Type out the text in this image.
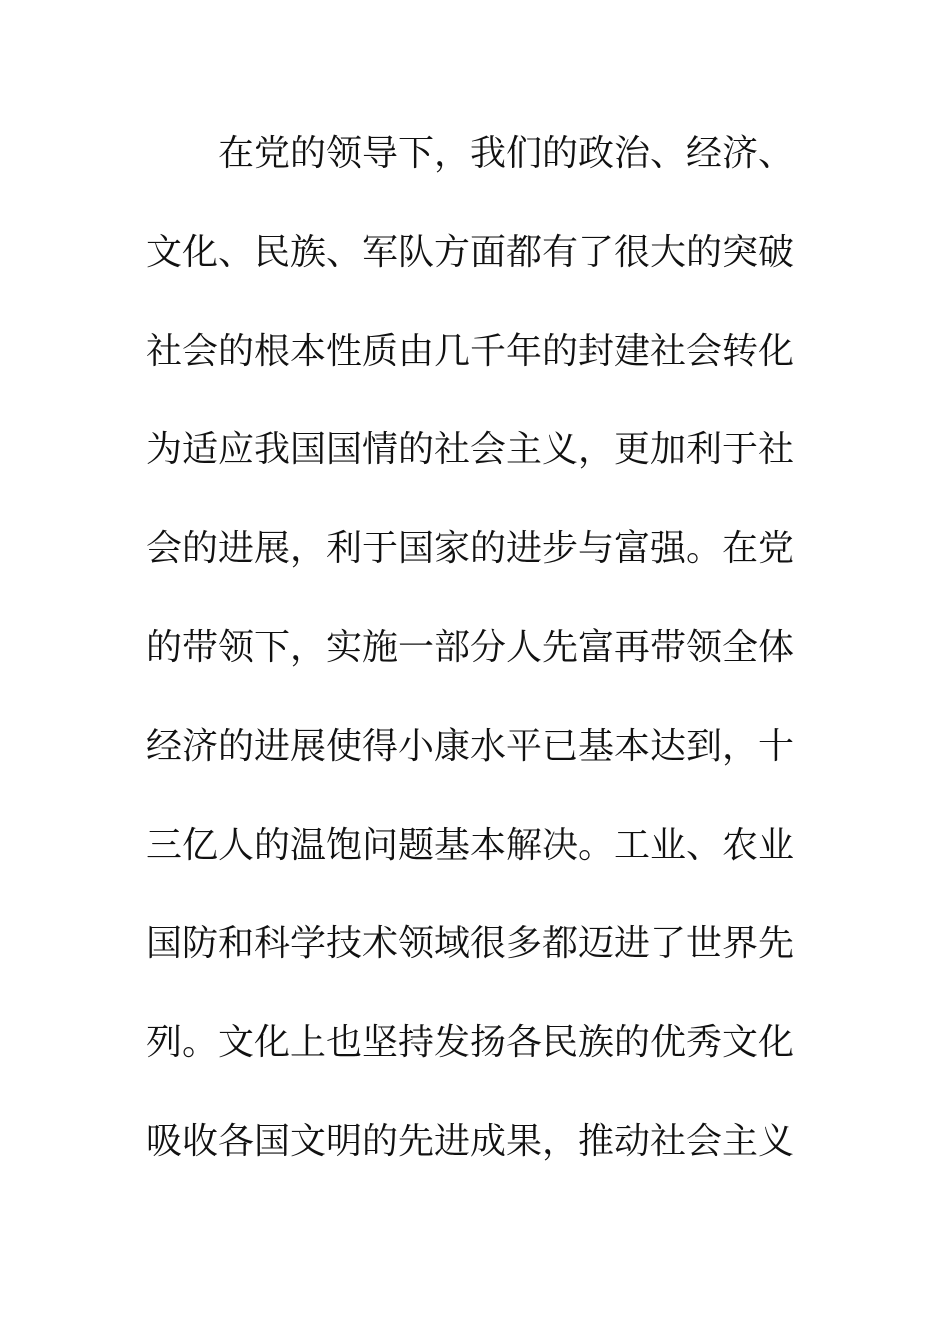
在党的领导下，我们的政治、经济、
文化、民族、军队方面都有了很大的突破
社会的根本性质由几千年的封建社会转化
为适应我国国情的社会主义，更加利于社
会的进展，利于国家的进步与富强。在党
的带领下，实施一部分人先富再带领全体
经济的进展使得小康水平已基本达到，十
三亿人的温饱问题基本解决。工业、农业
国防和科学技术领域很多都迈进了世界先
列。文化上也坚持发扬各民族的优秀文化
吸收各国文明的先进成果，推动社会主义
